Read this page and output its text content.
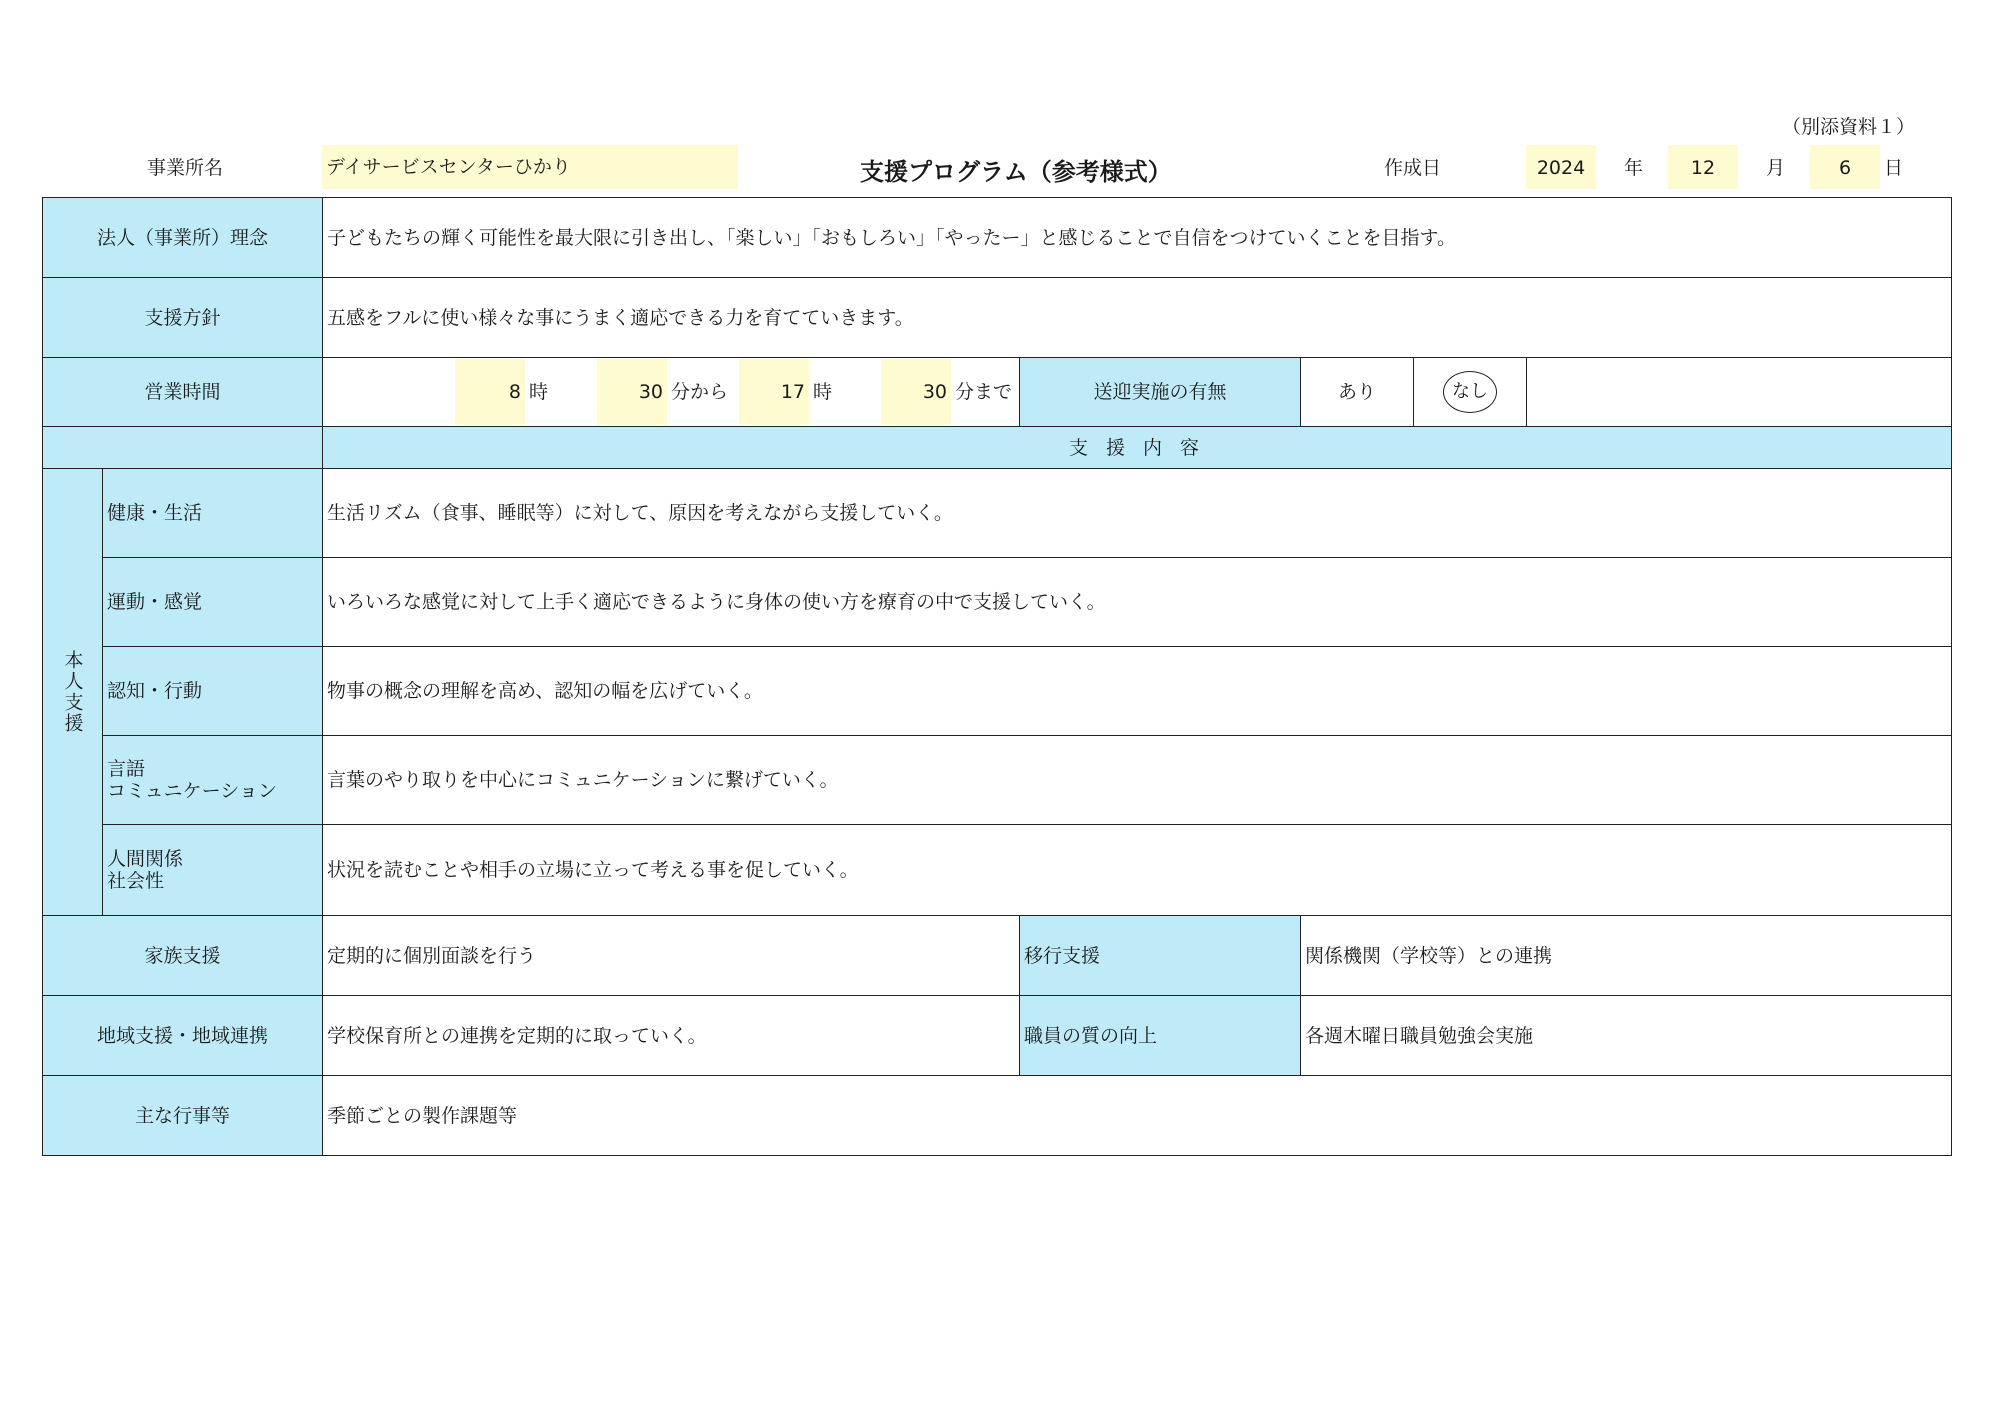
（別添資料１）
事業所名	デイサービスセンターひかり	支援プログラム（参考様式）	作成日	2024	年	12	月	6	日
法人（事業所）理念	子どもたちの輝く可能性を最大限に引き出し、「楽しい」「おもしろい」「やったー」と感じることで自信をつけていくことを目指す。
支援方針	五感をフルに使い様々な事にうまく適応できる力を育てていきます。
営業時間	8 時	30 分から	17 時	30 分まで	送迎実施の有無	あり	なし
支 援 内 容
本人支援
健康・生活	生活リズム（食事、睡眠等）に対して、原因を考えながら支援していく。
運動・感覚	いろいろな感覚に対して上手く適応できるように身体の使い方を療育の中で支援していく。
認知・行動	物事の概念の理解を高め、認知の幅を広げていく。
言語
コミュニケーション	言葉のやり取りを中心にコミュニケーションに繋げていく。
人間関係
社会性	状況を読むことや相手の立場に立って考える事を促していく。
家族支援	定期的に個別面談を行う	移行支援	関係機関（学校等）との連携
地域支援・地域連携	学校保育所との連携を定期的に取っていく。	職員の質の向上	各週木曜日職員勉強会実施
主な行事等	季節ごとの製作課題等
